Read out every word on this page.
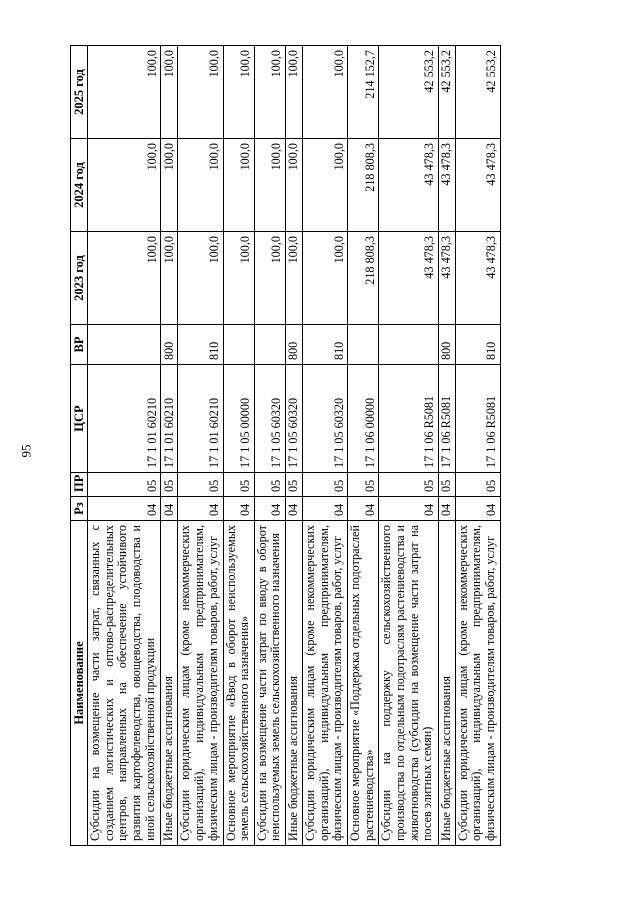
95
Наименование	Рз	ПР	ЦСР	ВР	2023 год	2024 год	2025 год
Субсидии на возмещение части затрат, связанных с созданием логистических и оптово-распределительных центров, направленных на обеспечение устойчивого развития картофелеводства, овощеводства, плодоводства и иной сельскохозяйственной продукции	04	05	17 1 01 60210		100,0	100,0	100,0
Иные бюджетные ассигнования	04	05	17 1 01 60210	800	100,0	100,0	100,0
Субсидии юридическим лицам (кроме некоммерческих организаций), индивидуальным предпринимателям, физическим лицам - производителям товаров, работ, услуг	04	05	17 1 01 60210	810	100,0	100,0	100,0
Основное мероприятие «Ввод в оборот неиспользуемых земель сельскохозяйственного назначения»	04	05	17 1 05 00000		100,0	100,0	100,0
Субсидии на возмещение части затрат по вводу в оборот неиспользуемых земель сельскохозяйственного назначения	04	05	17 1 05 60320		100,0	100,0	100,0
Иные бюджетные ассигнования	04	05	17 1 05 60320	800	100,0	100,0	100,0
Субсидии юридическим лицам (кроме некоммерческих организаций), индивидуальным предпринимателям, физическим лицам - производителям товаров, работ, услуг	04	05	17 1 05 60320	810	100,0	100,0	100,0
Основное мероприятие «Поддержка отдельных подотраслей растениеводства»	04	05	17 1 06 00000		218 808,3	218 808,3	214 152,7
Субсидии на поддержку сельскохозяйственного производства по отдельным подотраслям растениеводства и животноводства (субсидии на возмещение части затрат на посев элитных семян)	04	05	17 1 06 R5081		43 478,3	43 478,3	42 553,2
Иные бюджетные ассигнования	04	05	17 1 06 R5081	800	43 478,3	43 478,3	42 553,2
Субсидии юридическим лицам (кроме некоммерческих организаций), индивидуальным предпринимателям, физическим лицам - производителям товаров, работ, услуг	04	05	17 1 06 R5081	810	43 478,3	43 478,3	42 553,2
